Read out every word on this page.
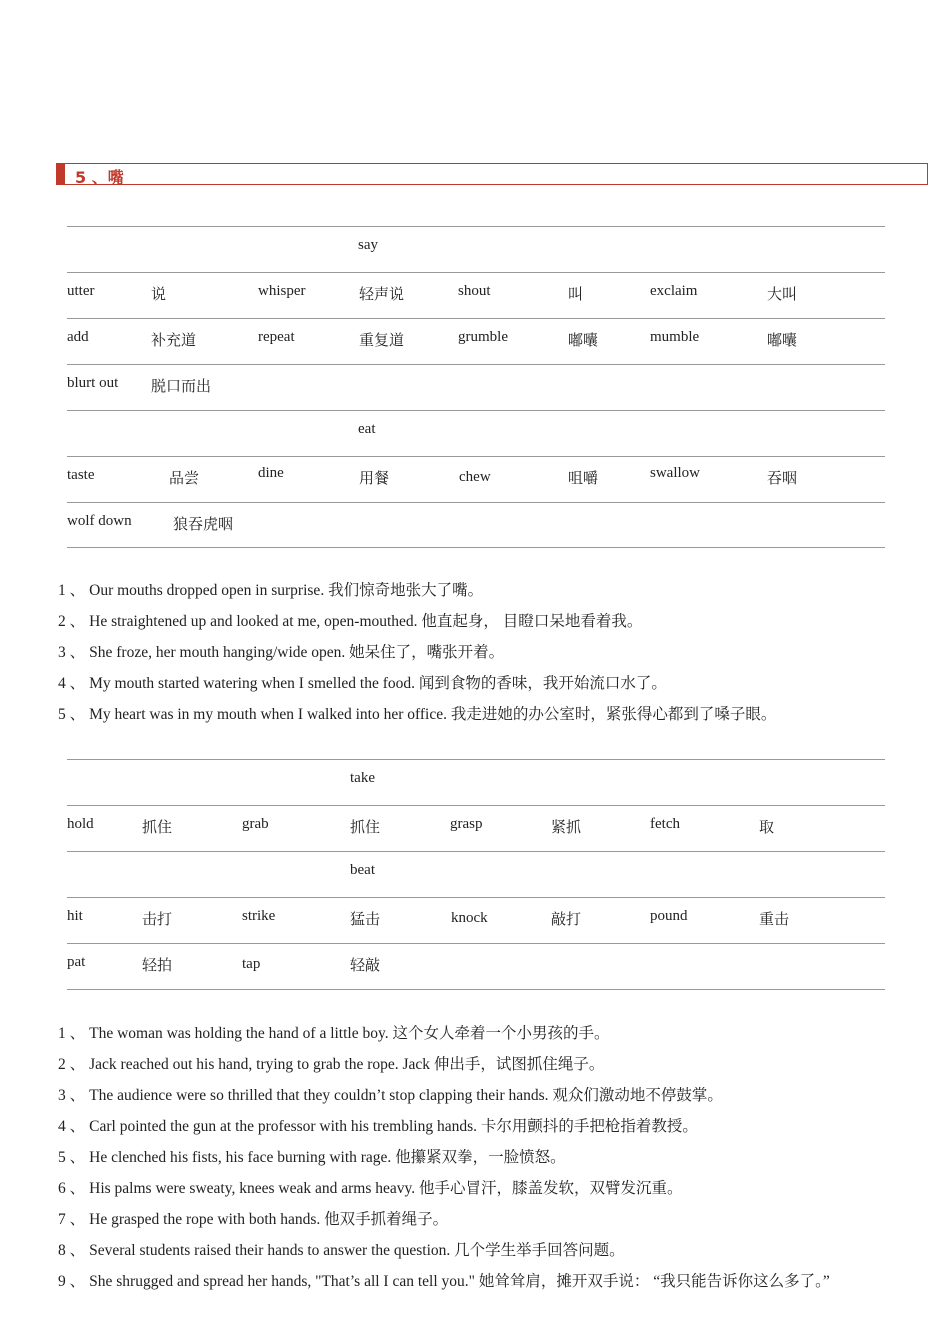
5 、嘴
say
utter	说	whisper	轻声说	shout	叫	exclaim	大叫
add	补充道	repeat	重复道	grumble	嘟囔	mumble	嘟囔
blurt out 脱口而出
eat
taste	品尝	dine	用餐	chew	咀嚼	swallow	吞咽
wolf down	狼吞虎咽
1 、 Our mouths dropped open in surprise. 我们惊奇地张大了嘴。
2 、 He straightened up and looked at me, open-mouthed. 他直起身， 目瞪口呆地看着我。
3 、 She froze, her mouth hanging/wide open. 她呆住了，嘴张开着。
4 、 My mouth started watering when I smelled the food. 闻到食物的香味，我开始流口水了。
5 、 My heart was in my mouth when I walked into her office. 我走进她的办公室时，紧张得心都到了嗓子眼。
take
hold	抓住	grab	抓住	grasp	紧抓	fetch	取
beat
hit	击打	strike	猛击	knock	敲打	pound	重击
pat	轻拍	tap	轻敲
1 、 The woman was holding the hand of a little boy. 这个女人牵着一个小男孩的手。
2 、 Jack reached out his hand, trying to grab the rope. Jack 伸出手，试图抓住绳子。
3 、 The audience were so thrilled that they couldn’t stop clapping their hands. 观众们激动地不停鼓掌。
4 、 Carl pointed the gun at the professor with his trembling hands. 卡尔用颤抖的手把枪指着教授。
5 、 He clenched his fists, his face burning with rage. 他攥紧双拳，一脸愤怒。
6 、 His palms were sweaty, knees weak and arms heavy. 他手心冒汗，膝盖发软，双臂发沉重。
7 、 He grasped the rope with both hands. 他双手抓着绳子。
8 、 Several students raised their hands to answer the question. 几个学生举手回答问题。
9 、 She shrugged and spread her hands, "That’s all I can tell you." 她耸耸肩，摊开双手说： “我只能告诉你这么多了。”
